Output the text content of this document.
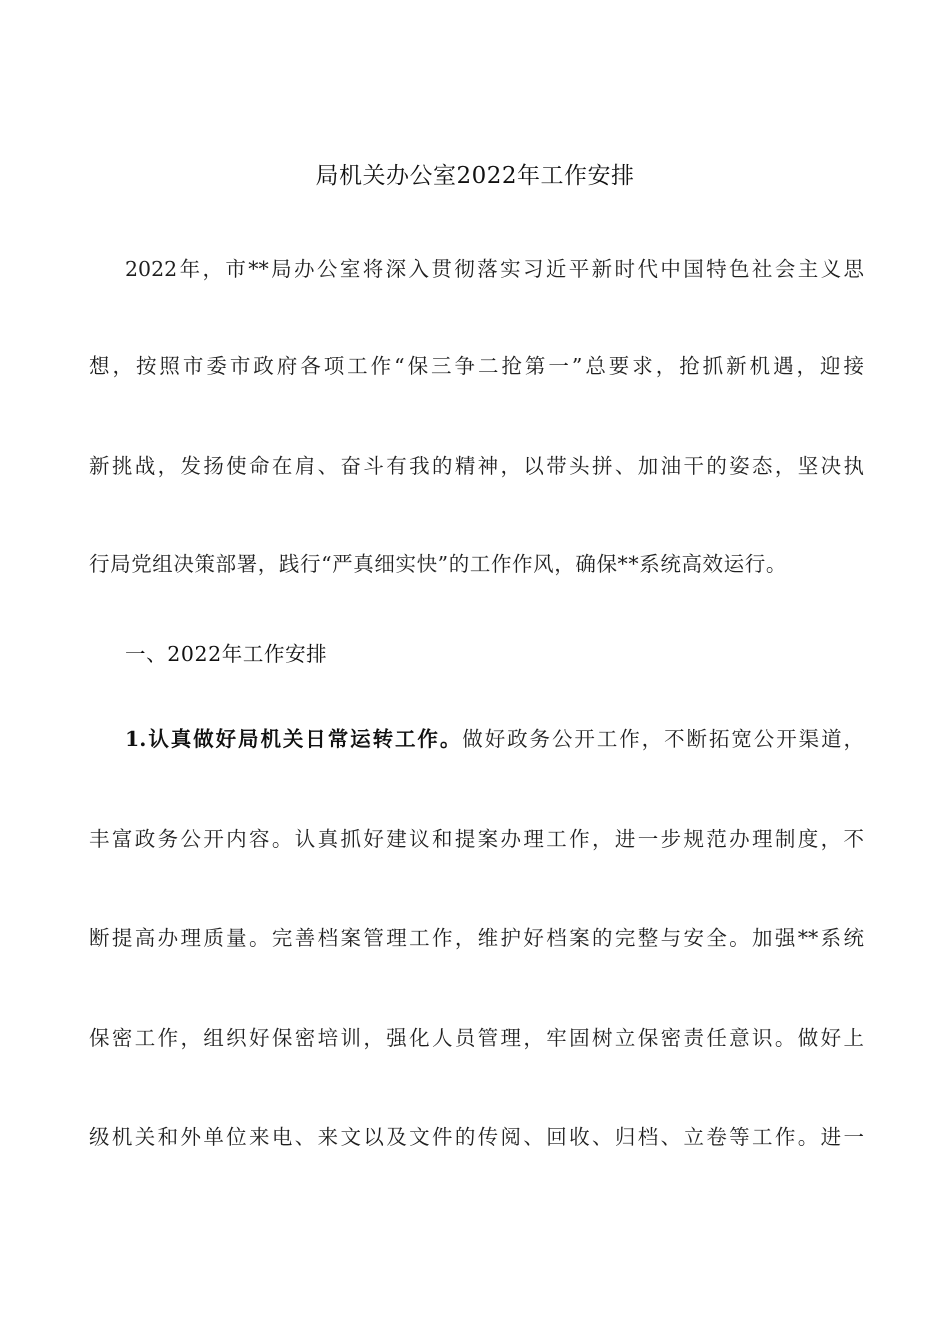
局机关办公室2022年工作安排
2022年，市**局办公室将深入贯彻落实习近平新时代中国特色社会主义思
想，按照市委市政府各项工作“保三争二抢第一”总要求，抢抓新机遇，迎接
新挑战，发扬使命在肩、奋斗有我的精神，以带头拼、加油干的姿态，坚决执
行局党组决策部署，践行“严真细实快”的工作作风，确保**系统高效运行。
一、2022年工作安排
1.认真做好局机关日常运转工作。做好政务公开工作，不断拓宽公开渠道，
丰富政务公开内容。认真抓好建议和提案办理工作，进一步规范办理制度，不
断提高办理质量。完善档案管理工作，维护好档案的完整与安全。加强**系统
保密工作，组织好保密培训，强化人员管理，牢固树立保密责任意识。做好上
级机关和外单位来电、来文以及文件的传阅、回收、归档、立卷等工作。进一
